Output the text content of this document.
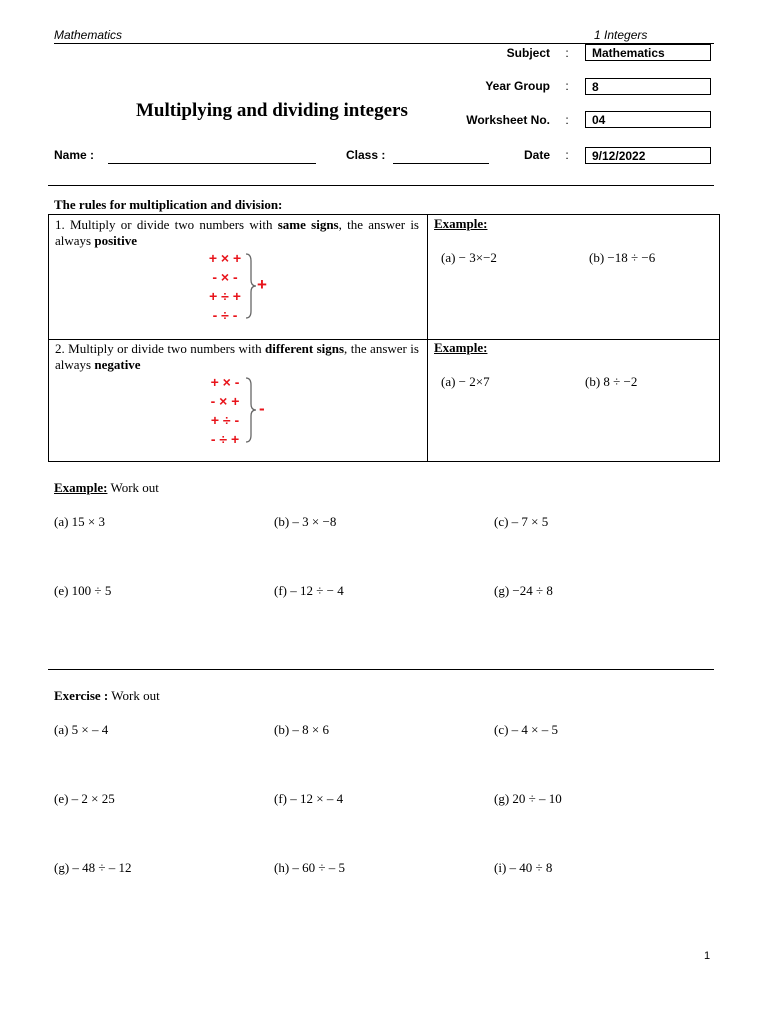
Mathematics	1 Integers
Subject :	Mathematics
Year Group :	8
Worksheet No. :	04
Date :	9/12/2022
Multiplying and dividing integers
Name :	Class :
The rules for multiplication and division:
1. Multiply or divide two numbers with same signs, the answer is always positive
+ × +
- × -
+ ÷ +
- ÷ -
+
Example:
(a) − 3×−2	(b) −18 ÷ −6
2. Multiply or divide two numbers with different signs, the answer is always negative
+ × -
- × +
+ ÷ -
- ÷ +
-
Example:
(a) − 2×7	(b) 8 ÷ −2
Example: Work out
(a) 15 × 3	(b) – 3 × −8	(c) – 7 × 5
(e) 100 ÷ 5	(f) – 12 ÷ − 4	(g) −24 ÷ 8
Exercise : Work out
(a) 5 × – 4	(b) – 8 × 6	(c) – 4 × – 5
(e) – 2 × 25	(f) – 12 × – 4	(g) 20 ÷ – 10
(g) – 48 ÷ – 12	(h) – 60 ÷ – 5	(i) – 40 ÷ 8
1
